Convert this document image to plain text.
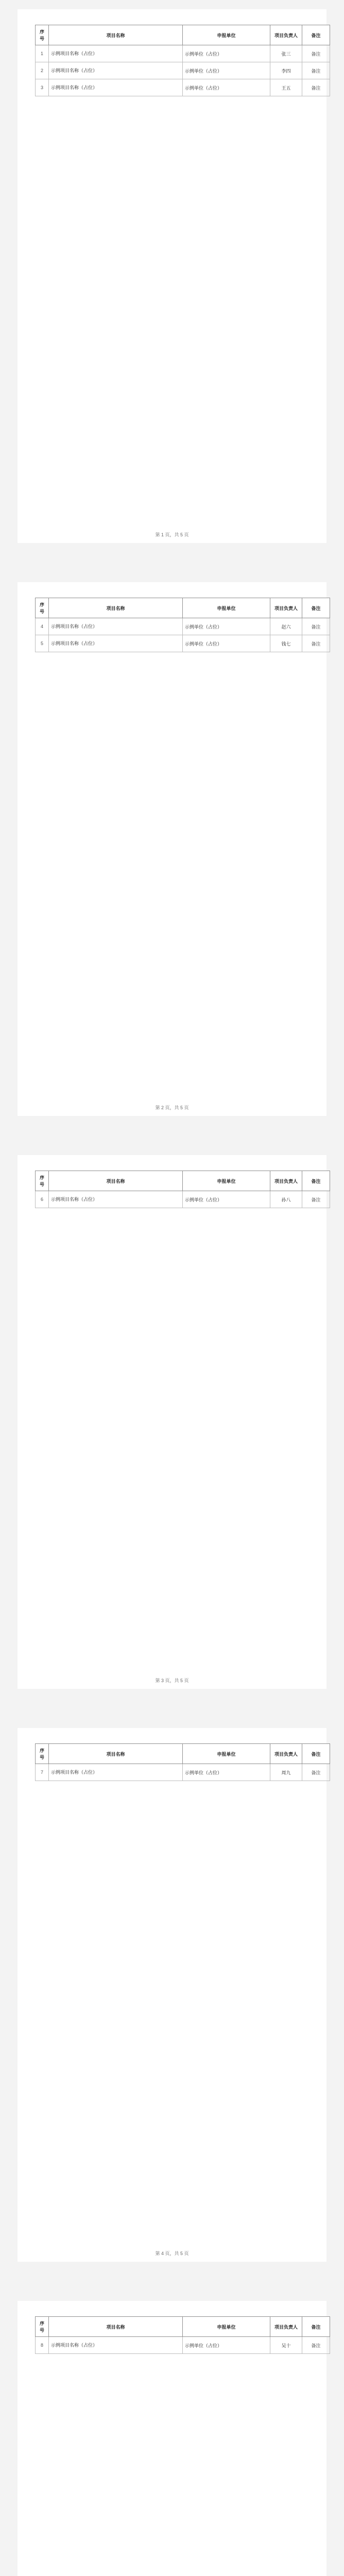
序号	项目名称	申报单位	项目负责人	备注
1	示例项目名称（占位）	示例单位（占位）	张三	备注
2	示例项目名称（占位）	示例单位（占位）	李四	备注
3	示例项目名称（占位）	示例单位（占位）	王五	备注
第 1 页，共 5 页
序号	项目名称	申报单位	项目负责人	备注
4	示例项目名称（占位）	示例单位（占位）	赵六	备注
5	示例项目名称（占位）	示例单位（占位）	钱七	备注
第 2 页，共 5 页
序号	项目名称	申报单位	项目负责人	备注
6	示例项目名称（占位）	示例单位（占位）	孙八	备注
第 3 页，共 5 页
序号	项目名称	申报单位	项目负责人	备注
7	示例项目名称（占位）	示例单位（占位）	周九	备注
第 4 页，共 5 页
序号	项目名称	申报单位	项目负责人	备注
8	示例项目名称（占位）	示例单位（占位）	吴十	备注
